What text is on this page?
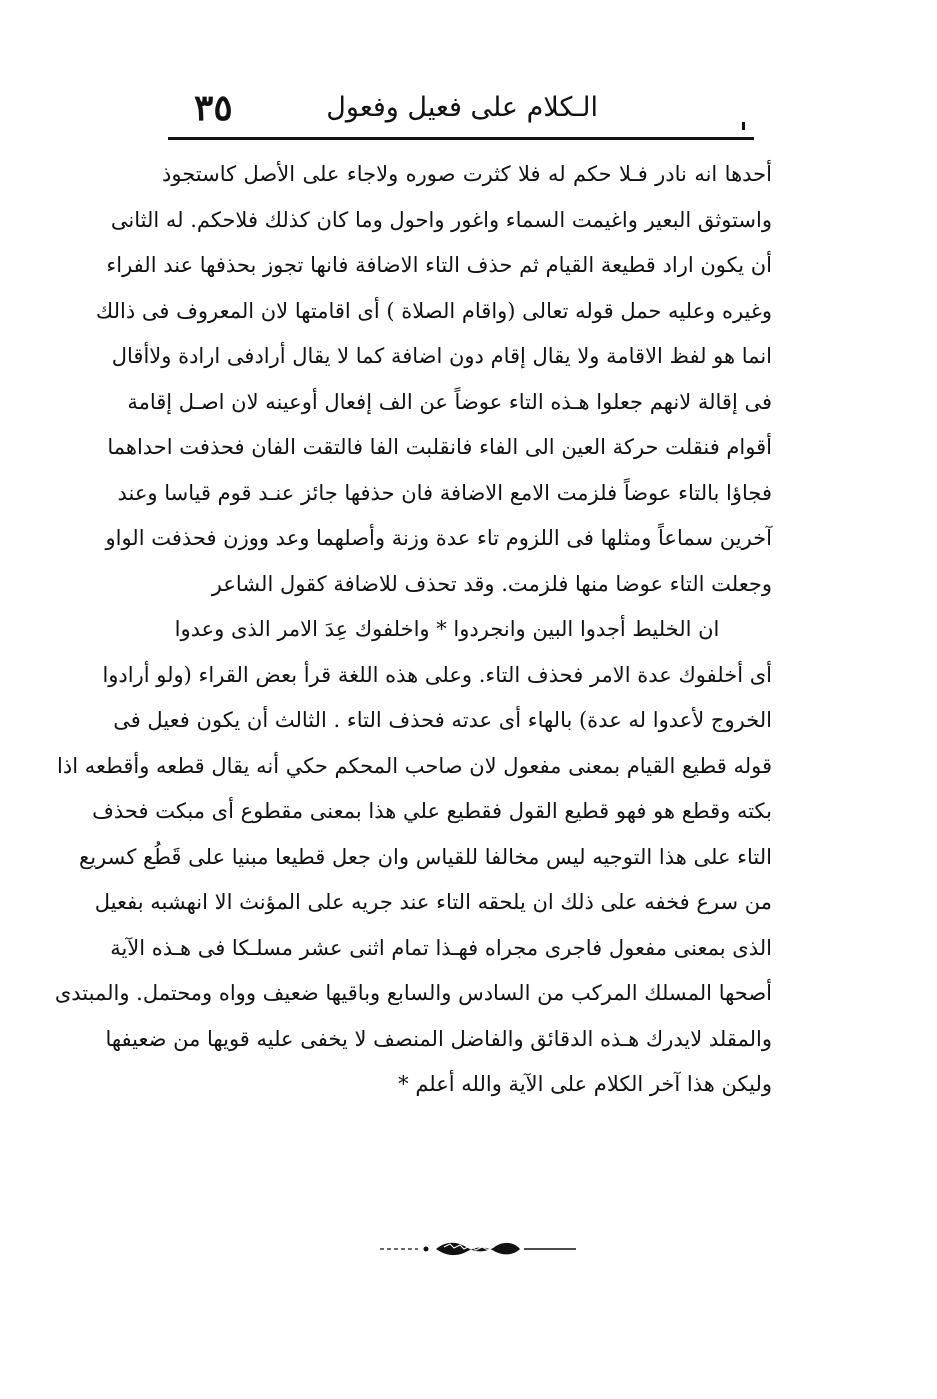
٣٥	الـكلام على فعيل وفعول
أحدها انه نادر فـلا حكم له فلا كثرت صوره ولاجاء على الأصل كاستجوذ
واستوثق البعير واغيمت السماء واغور واحول وما كان كذلك فلاحكم. له الثانى
أن يكون اراد قطيعة القيام ثم حذف التاء الاضافة فانها تجوز بحذفها عند الفراء
وغيره وعليه حمل قوله تعالى (واقام الصلاة ) أى اقامتها لان المعروف فى ذالك
انما هو لفظ الاقامة ولا يقال إقام دون اضافة كما لا يقال أرادفى ارادة ولاأقال
فى إقالة لانهم جعلوا هـذه التاء عوضاً عن الف إفعال أوعينه لان اصـل إقامة
أقوام فنقلت حركة العين الى الفاء فانقلبت الفا فالتقت الفان فحذفت احداهما
فجاؤا بالتاء عوضاً فلزمت الامع الاضافة فان حذفها جائز عنـد قوم قياسا وعند
آخرين سماعاً ومثلها فى اللزوم تاء عدة وزنة وأصلهما وعد ووزن فحذفت الواو
وجعلت التاء عوضا منها فلزمت. وقد تحذف للاضافة كقول الشاعر
ان الخليط أجدوا البين وانجردوا * واخلفوك عِدَ الامر الذى وعدوا
أى أخلفوك عدة الامر فحذف التاء. وعلى هذه اللغة قرأ بعض القراء (ولو أرادوا
الخروج لأعدوا له عدة) بالهاء أى عدته فحذف التاء . الثالث أن يكون فعيل فى
قوله قطيع القيام بمعنى مفعول لان صاحب المحكم حكي أنه يقال قطعه وأقطعه اذا
بكته وقطع هو فهو قطيع القول فقطيع علي هذا بمعنى مقطوع أى مبكت فحذف
التاء على هذا التوجيه ليس مخالفا للقياس وان جعل قطيعا مبنيا على قَطُع كسريع
من سرع فخفه على ذلك ان يلحقه التاء عند جريه على المؤنث الا انهشبه بفعيل
الذى بمعنى مفعول فاجرى مجراه فهـذا تمام اثنى عشر مسلـكا فى هـذه الآية
أصحها المسلك المركب من السادس والسابع وباقيها ضعيف وواه ومحتمل. والمبتدى
والمقلد لايدرك هـذه الدقائق والفاضل المنصف لا يخفى عليه قويها من ضعيفها
وليكن هذا آخر الكلام على الآية والله أعلم *
